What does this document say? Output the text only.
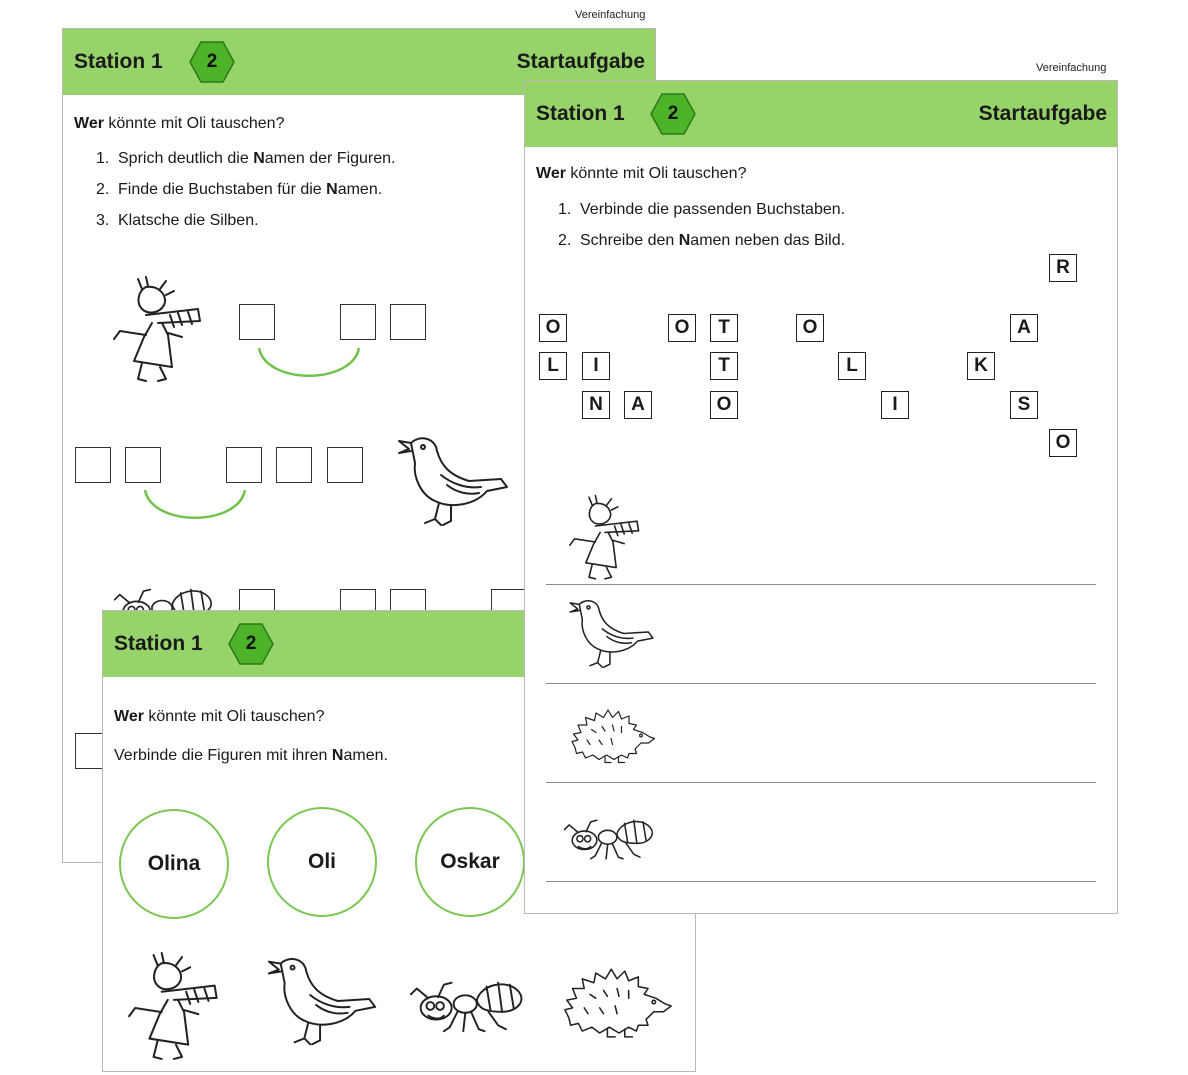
Vereinfachung
Station 1	2	Startaufgabe
Wer könnte mit Oli tauschen?
1. Sprich deutlich die Namen der Figuren.
2. Finde die Buchstaben für die Namen.
3. Klatsche die Silben.
Vereinfachung
Station 1	2	Startaufgabe
Wer könnte mit Oli tauschen?
1. Verbinde die passenden Buchstaben.
2. Schreibe den Namen neben das Bild.
R
O	O	T	O	A
L	I	T	L	K
N	A	O	I	S
O
Station 1	2
Wer könnte mit Oli tauschen?
Verbinde die Figuren mit ihren Namen.
Olina	Oli	Oskar
